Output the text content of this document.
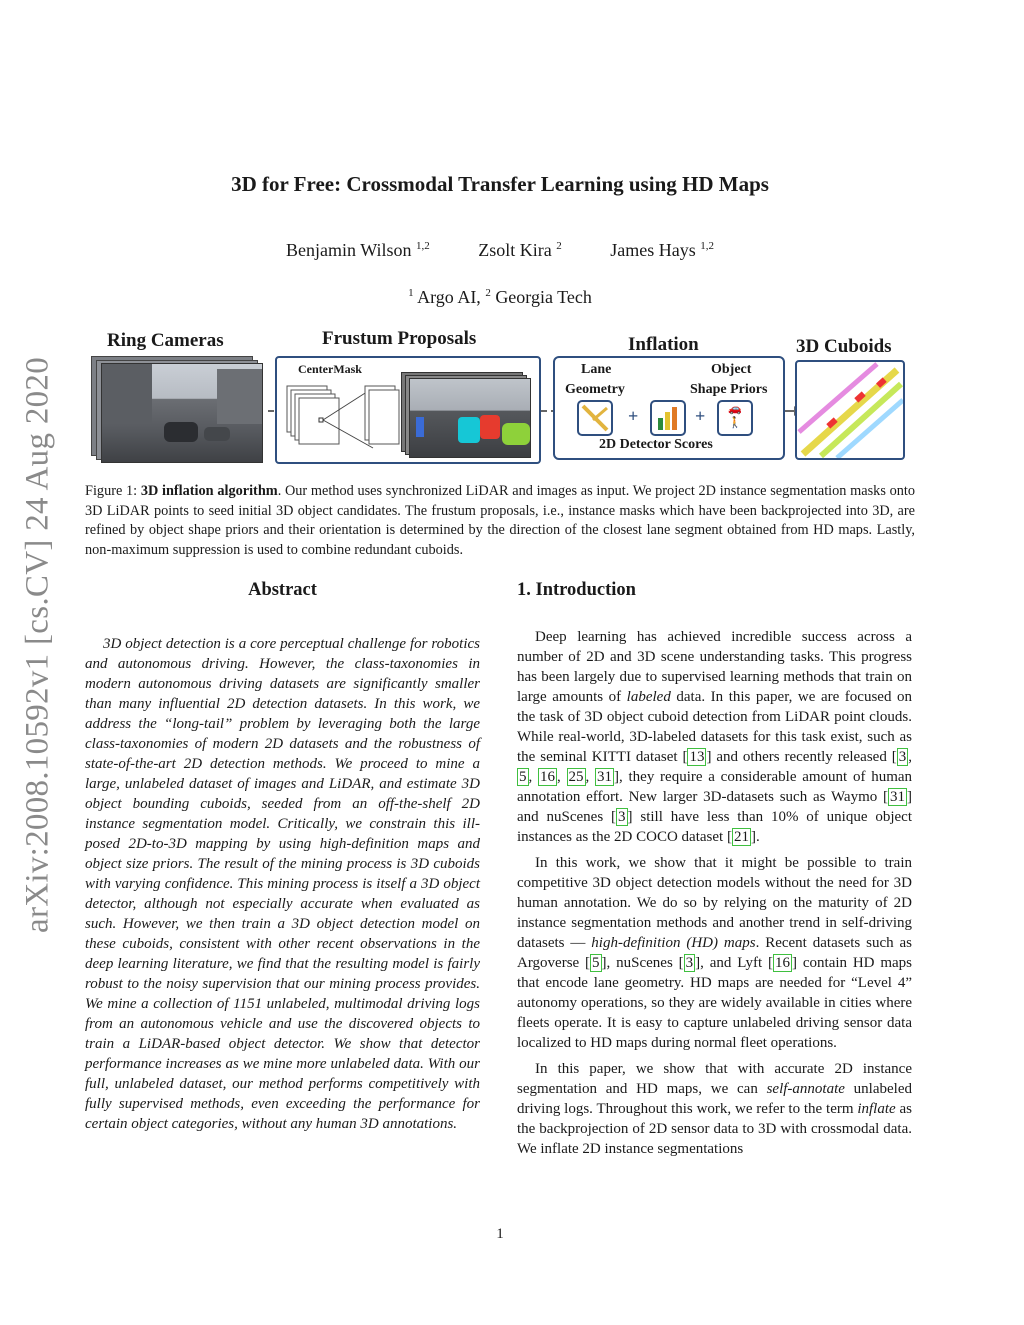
arXiv:2008.10592v1 [cs.CV] 24 Aug 2020
3D for Free: Crossmodal Transfer Learning using HD Maps
Benjamin Wilson $^{1,2}$	Zsolt Kira $^2$	James Hays $^{1,2}$
$^1$ Argo AI, $^2$ Georgia Tech
Ring Cameras	Frustum Proposals
CenterMask
Inflation
Lane
Geometry
Object
Shape Priors
+	+	🚗
🚶
2D Detector Scores
3D Cuboids
Figure 1: 3D inflation algorithm. Our method uses synchronized LiDAR and images as input. We project 2D instance segmentation masks onto 3D LiDAR points to seed initial 3D object candidates. The frustum proposals, i.e., instance masks which have been backprojected into 3D, are refined by object shape priors and their orientation is determined by the direction of the closest lane segment obtained from HD maps. Lastly, non-maximum suppression is used to combine redundant cuboids.
Abstract

3D object detection is a core perceptual challenge for robotics and autonomous driving. However, the class-taxonomies in modern autonomous driving datasets are significantly smaller than many influential 2D detection datasets. In this work, we address the “long-tail” problem by leveraging both the large class-taxonomies of modern 2D datasets and the robustness of state-of-the-art 2D detection methods. We proceed to mine a large, unlabeled dataset of images and LiDAR, and estimate 3D object bounding cuboids, seeded from an off-the-shelf 2D instance segmentation model. Critically, we constrain this ill-posed 2D-to-3D mapping by using high-definition maps and object size priors. The result of the mining process is 3D cuboids with varying confidence. This mining process is itself a 3D object detector, although not especially accurate when evaluated as such. However, we then train a 3D object detection model on these cuboids, consistent with other recent observations in the deep learning literature, we find that the resulting model is fairly robust to the noisy supervision that our mining process provides. We mine a collection of 1151 unlabeled, multimodal driving logs from an autonomous vehicle and use the discovered objects to train a LiDAR-based object detector. We show that detector performance increases as we mine more unlabeled data. With our full, unlabeled dataset, our method performs competitively with fully supervised methods, even exceeding the performance for certain object categories, without any human 3D annotations.

1. Introduction

Deep learning has achieved incredible success across a number of 2D and 3D scene understanding tasks. This progress has been largely due to supervised learning methods that train on large amounts of labeled data. In this paper, we are focused on the task of 3D object cuboid detection from LiDAR point clouds. While real-world, 3D-labeled datasets for this task exist, such as the seminal KITTI dataset [ 13 ] and others recently released [ 3 , 5 , 16 , 25 , 31 ], they require a considerable amount of human annotation effort. New larger 3D-datasets such as Waymo [ 31 ] and nuScenes [ 3 ] still have less than 10% of unique object instances as the 2D COCO dataset [ 21 ].

In this work, we show that it might be possible to train competitive 3D object detection models without the need for 3D human annotation. We do so by relying on the maturity of 2D instance segmentation methods and another trend in self-driving datasets — high-definition (HD) maps. Recent datasets such as Argoverse [ 5 ], nuScenes [ 3 ], and Lyft [ 16 ] contain HD maps that encode lane geometry. HD maps are needed for “Level 4” autonomy operations, so they are widely available in cities where fleets operate. It is easy to capture unlabeled driving sensor data localized to HD maps during normal fleet operations.

In this paper, we show that with accurate 2D instance segmentation and HD maps, we can self-annotate unlabeled driving logs. Throughout this work, we refer to the term inflate as the backprojection of 2D sensor data to 3D with crossmodal data. We inflate 2D instance segmentations

1
